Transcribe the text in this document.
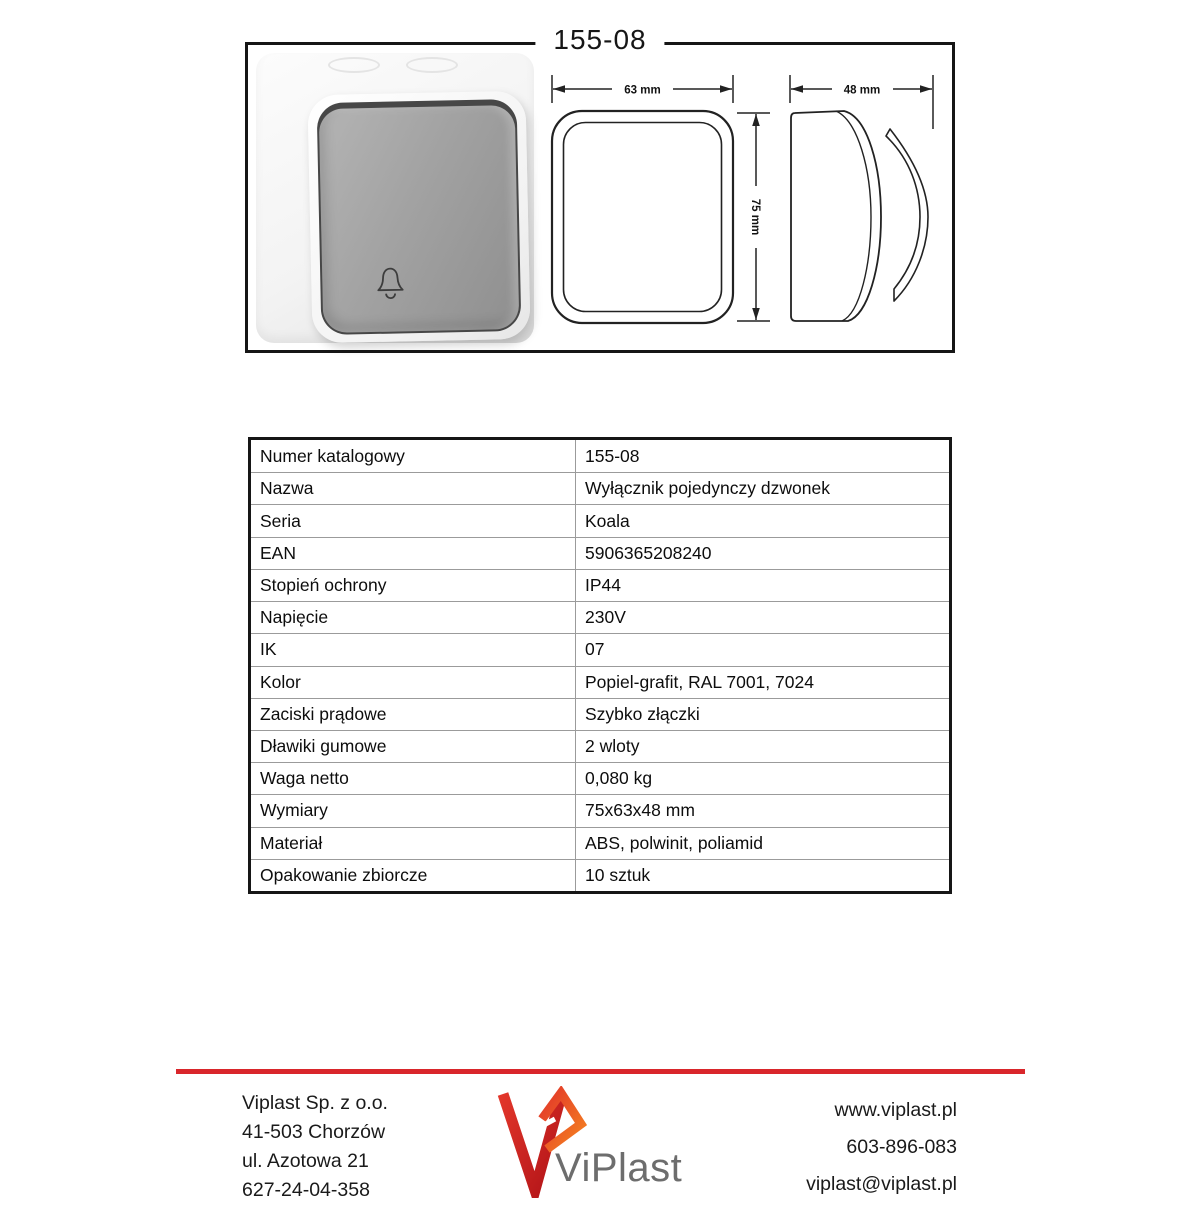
155-08
63 mm
75 mm
48 mm
Numer katalogowy	155-08
Nazwa	Wyłącznik pojedynczy dzwonek
Seria	Koala
EAN	5906365208240
Stopień ochrony	IP44
Napięcie	230V
IK	07
Kolor	Popiel-grafit, RAL 7001, 7024
Zaciski prądowe	Szybko złączki
Dławiki gumowe	2 wloty
Waga netto	0,080 kg
Wymiary	75x63x48 mm
Materiał	ABS, polwinit, poliamid
Opakowanie zbiorcze	10 sztuk
Viplast Sp. z o.o.
41-503 Chorzów
ul. Azotowa 21
627-24-04-358	ViPlast
www.viplast.pl
603-896-083
viplast@viplast.pl
